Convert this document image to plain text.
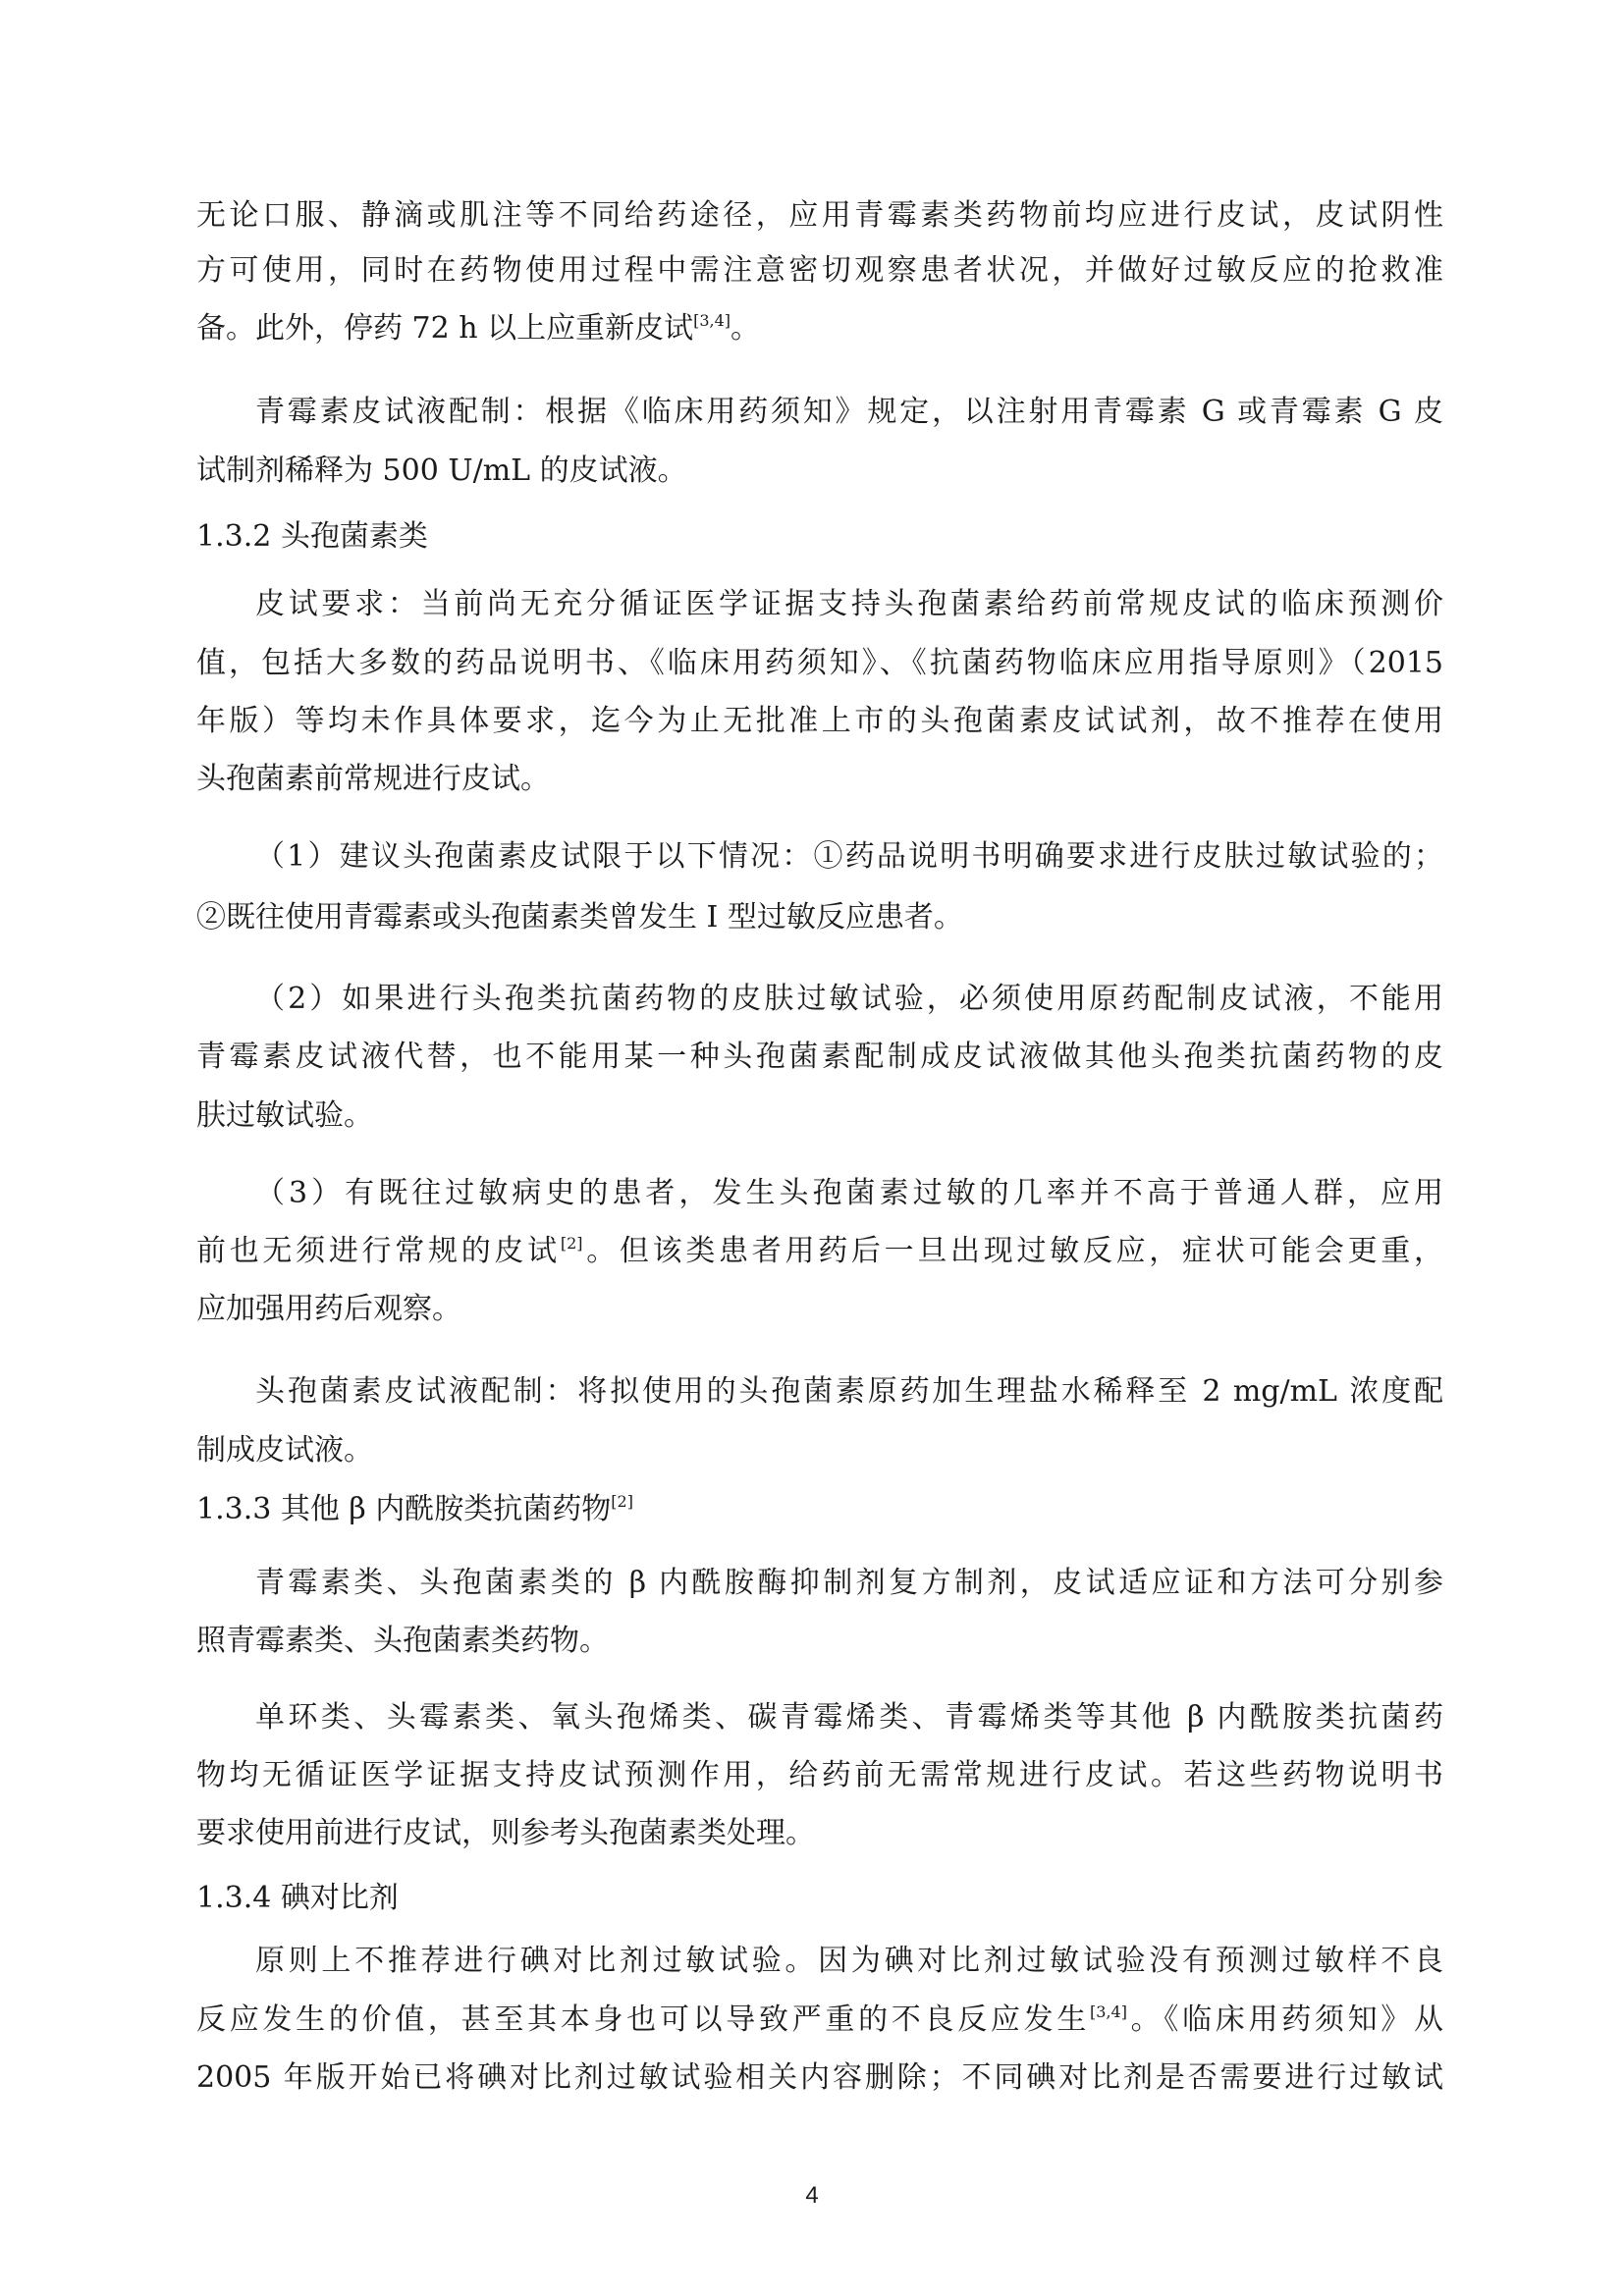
无论口服、静滴或肌注等不同给药途径，应用青霉素类药物前均应进行皮试，皮试阴性
方可使用，同时在药物使用过程中需注意密切观察患者状况，并做好过敏反应的抢救准
备。此外，停药 72 h 以上应重新皮试[3,4]。
青霉素皮试液配制：根据《临床用药须知》规定，以注射用青霉素 G 或青霉素 G 皮
试制剂稀释为 500 U/mL 的皮试液。
1.3.2 头孢菌素类
皮试要求：当前尚无充分循证医学证据支持头孢菌素给药前常规皮试的临床预测价
值，包括大多数的药品说明书、《临床用药须知》、《抗菌药物临床应用指导原则》（2015
年版）等均未作具体要求，迄今为止无批准上市的头孢菌素皮试试剂，故不推荐在使用
头孢菌素前常规进行皮试。
（1）建议头孢菌素皮试限于以下情况：①药品说明书明确要求进行皮肤过敏试验的；
②既往使用青霉素或头孢菌素类曾发生 I 型过敏反应患者。
（2）如果进行头孢类抗菌药物的皮肤过敏试验，必须使用原药配制皮试液，不能用
青霉素皮试液代替，也不能用某一种头孢菌素配制成皮试液做其他头孢类抗菌药物的皮
肤过敏试验。
（3）有既往过敏病史的患者，发生头孢菌素过敏的几率并不高于普通人群，应用
前也无须进行常规的皮试[2]。但该类患者用药后一旦出现过敏反应，症状可能会更重，
应加强用药后观察。
头孢菌素皮试液配制：将拟使用的头孢菌素原药加生理盐水稀释至 2 mg/mL 浓度配
制成皮试液。
1.3.3 其他 β 内酰胺类抗菌药物[2]
青霉素类、头孢菌素类的 β 内酰胺酶抑制剂复方制剂，皮试适应证和方法可分别参
照青霉素类、头孢菌素类药物。
单环类、头霉素类、氧头孢烯类、碳青霉烯类、青霉烯类等其他 β 内酰胺类抗菌药
物均无循证医学证据支持皮试预测作用，给药前无需常规进行皮试。若这些药物说明书
要求使用前进行皮试，则参考头孢菌素类处理。
1.3.4 碘对比剂
原则上不推荐进行碘对比剂过敏试验。因为碘对比剂过敏试验没有预测过敏样不良
反应发生的价值，甚至其本身也可以导致严重的不良反应发生[3,4]。《临床用药须知》从
2005 年版开始已将碘对比剂过敏试验相关内容删除；不同碘对比剂是否需要进行过敏试
4
